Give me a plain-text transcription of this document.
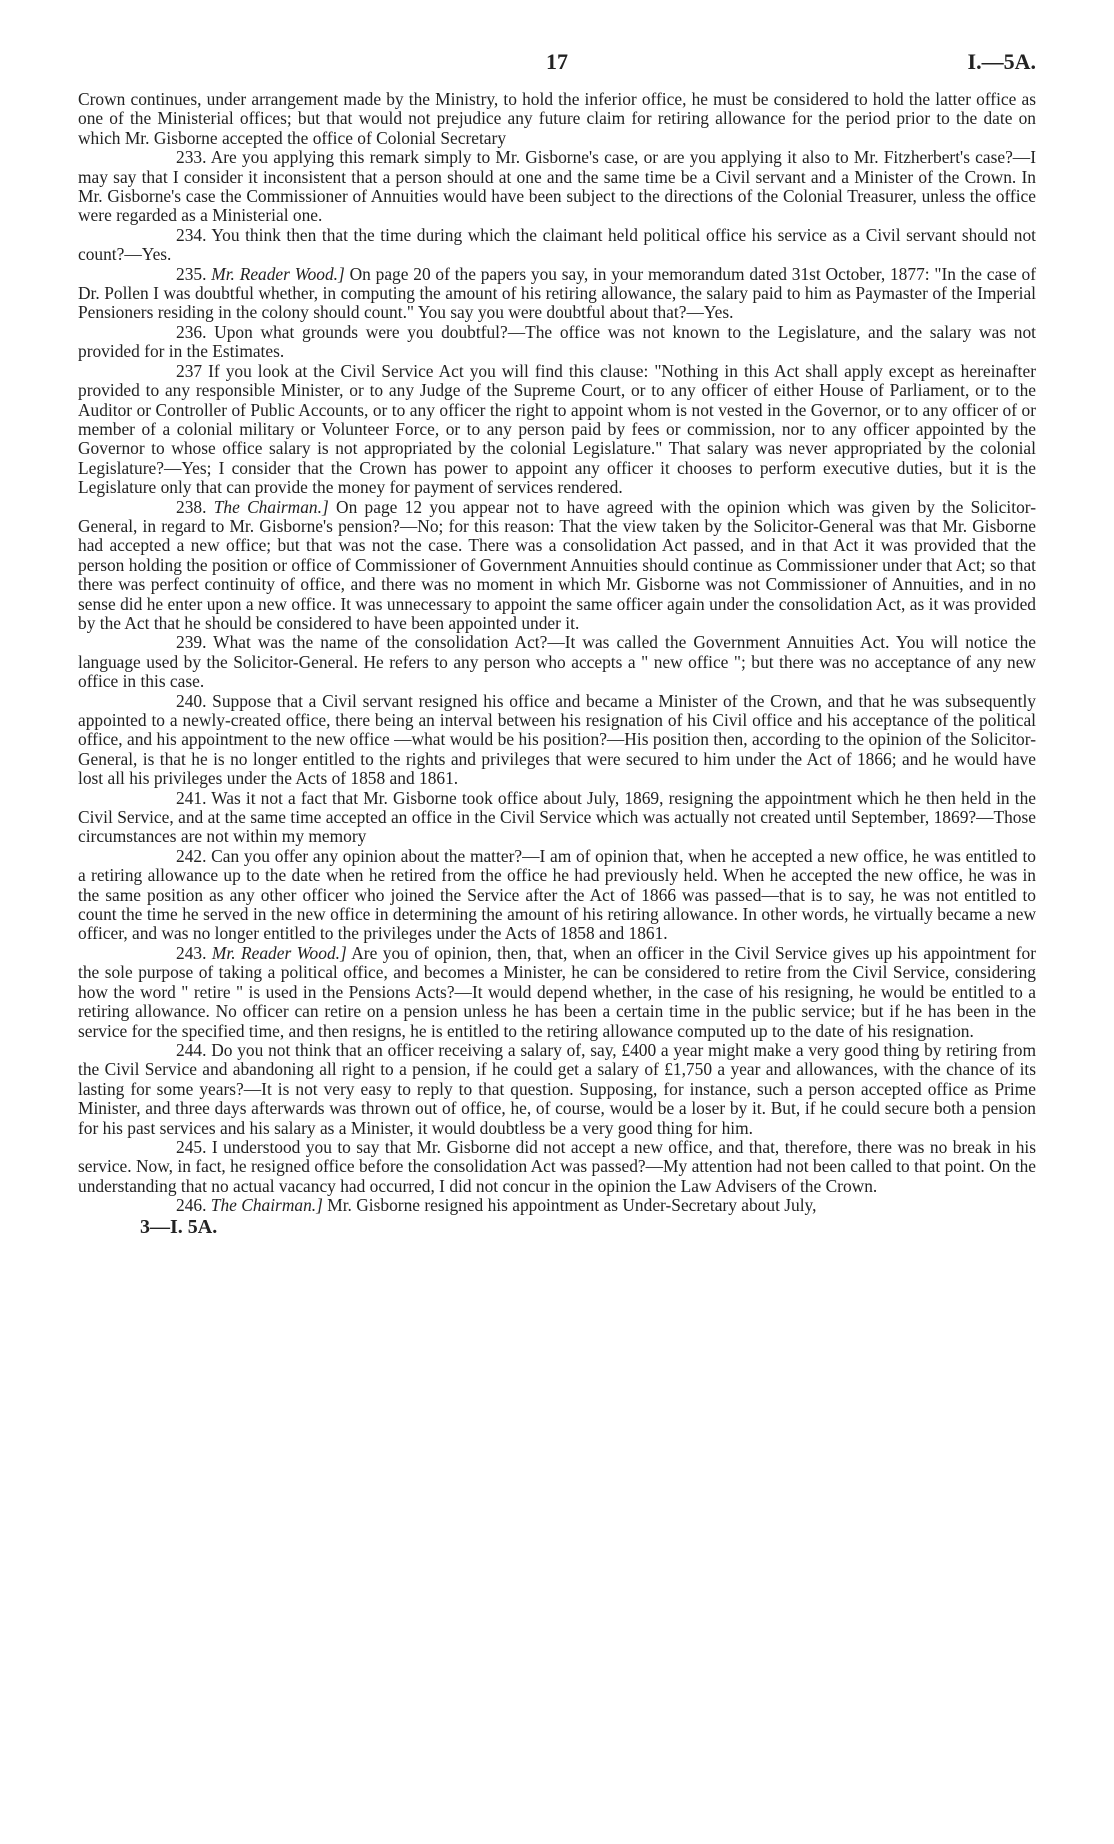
17	I.—5A.

Crown continues, under arrangement made by the Ministry, to hold the inferior office, he must be considered to hold the latter office as one of the Ministerial offices; but that would not prejudice any future claim for retiring allowance for the period prior to the date on which Mr. Gisborne accepted the office of Colonial Secretary

233. Are you applying this remark simply to Mr. Gisborne's case, or are you applying it also to Mr. Fitzherbert's case?—I may say that I consider it inconsistent that a person should at one and the same time be a Civil servant and a Minister of the Crown. In Mr. Gisborne's case the Commissioner of Annuities would have been subject to the directions of the Colonial Treasurer, unless the office were regarded as a Ministerial one.

234. You think then that the time during which the claimant held political office his service as a Civil servant should not count?—Yes.

235. Mr. Reader Wood.] On page 20 of the papers you say, in your memorandum dated 31st October, 1877: "In the case of Dr. Pollen I was doubtful whether, in computing the amount of his retiring allowance, the salary paid to him as Paymaster of the Imperial Pensioners residing in the colony should count." You say you were doubtful about that?—Yes.

236. Upon what grounds were you doubtful?—The office was not known to the Legislature, and the salary was not provided for in the Estimates.

237 If you look at the Civil Service Act you will find this clause: "Nothing in this Act shall apply except as hereinafter provided to any responsible Minister, or to any Judge of the Supreme Court, or to any officer of either House of Parliament, or to the Auditor or Controller of Public Accounts, or to any officer the right to appoint whom is not vested in the Governor, or to any officer of or member of a colonial military or Volunteer Force, or to any person paid by fees or commission, nor to any officer appointed by the Governor to whose office salary is not appropriated by the colonial Legislature." That salary was never appropriated by the colonial Legislature?—Yes; I consider that the Crown has power to appoint any officer it chooses to perform executive duties, but it is the Legislature only that can provide the money for payment of services rendered.

238. The Chairman.] On page 12 you appear not to have agreed with the opinion which was given by the Solicitor-General, in regard to Mr. Gisborne's pension?—No; for this reason: That the view taken by the Solicitor-General was that Mr. Gisborne had accepted a new office; but that was not the case. There was a consolidation Act passed, and in that Act it was provided that the person holding the position or office of Commissioner of Government Annuities should continue as Commissioner under that Act; so that there was perfect continuity of office, and there was no moment in which Mr. Gisborne was not Commissioner of Annuities, and in no sense did he enter upon a new office. It was unnecessary to appoint the same officer again under the consolidation Act, as it was provided by the Act that he should be considered to have been appointed under it.

239. What was the name of the consolidation Act?—It was called the Government Annuities Act. You will notice the language used by the Solicitor-General. He refers to any person who accepts a " new office "; but there was no acceptance of any new office in this case.

240. Suppose that a Civil servant resigned his office and became a Minister of the Crown, and that he was subsequently appointed to a newly-created office, there being an interval between his resignation of his Civil office and his acceptance of the political office, and his appointment to the new office —what would be his position?—His position then, according to the opinion of the Solicitor-General, is that he is no longer entitled to the rights and privileges that were secured to him under the Act of 1866; and he would have lost all his privileges under the Acts of 1858 and 1861.

241. Was it not a fact that Mr. Gisborne took office about July, 1869, resigning the appointment which he then held in the Civil Service, and at the same time accepted an office in the Civil Service which was actually not created until September, 1869?—Those circumstances are not within my memory

242. Can you offer any opinion about the matter?—I am of opinion that, when he accepted a new office, he was entitled to a retiring allowance up to the date when he retired from the office he had previously held. When he accepted the new office, he was in the same position as any other officer who joined the Service after the Act of 1866 was passed—that is to say, he was not entitled to count the time he served in the new office in determining the amount of his retiring allowance. In other words, he virtually became a new officer, and was no longer entitled to the privileges under the Acts of 1858 and 1861.

243. Mr. Reader Wood.] Are you of opinion, then, that, when an officer in the Civil Service gives up his appointment for the sole purpose of taking a political office, and becomes a Minister, he can be considered to retire from the Civil Service, considering how the word " retire " is used in the Pensions Acts?—It would depend whether, in the case of his resigning, he would be entitled to a retiring allowance. No officer can retire on a pension unless he has been a certain time in the public service; but if he has been in the service for the specified time, and then resigns, he is entitled to the retiring allowance computed up to the date of his resignation.

244. Do you not think that an officer receiving a salary of, say, £400 a year might make a very good thing by retiring from the Civil Service and abandoning all right to a pension, if he could get a salary of £1,750 a year and allowances, with the chance of its lasting for some years?—It is not very easy to reply to that question. Supposing, for instance, such a person accepted office as Prime Minister, and three days afterwards was thrown out of office, he, of course, would be a loser by it. But, if he could secure both a pension for his past services and his salary as a Minister, it would doubtless be a very good thing for him.

245. I understood you to say that Mr. Gisborne did not accept a new office, and that, therefore, there was no break in his service. Now, in fact, he resigned office before the consolidation Act was passed?—My attention had not been called to that point. On the understanding that no actual vacancy had occurred, I did not concur in the opinion the Law Advisers of the Crown.

246. The Chairman.] Mr. Gisborne resigned his appointment as Under-Secretary about July,

3—I. 5A.
